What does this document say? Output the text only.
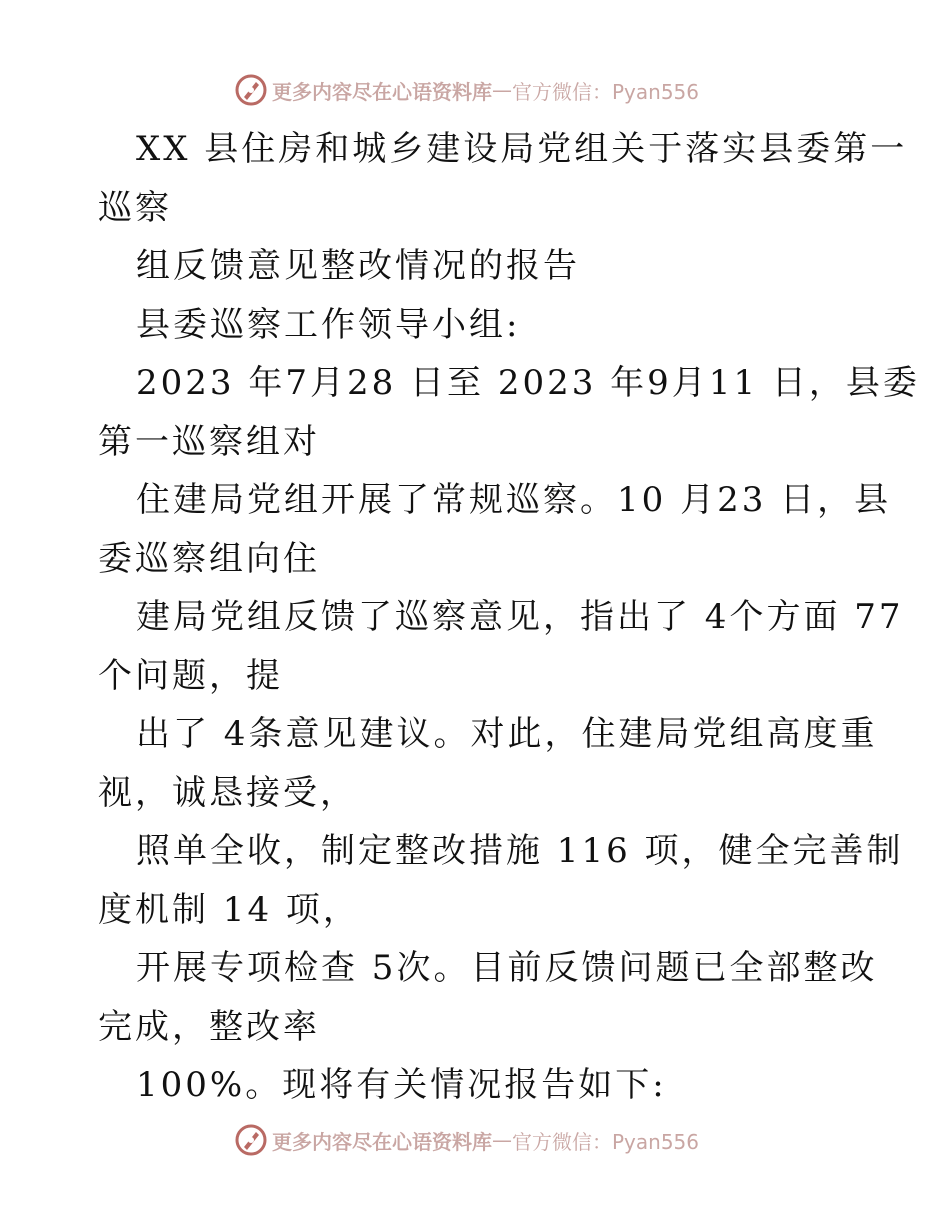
更多内容尽在心语资料库 — 官方微信：Pyan556
XX 县住房和城乡建设局党组关于落实县委第一
巡察
组反馈意见整改情况的报告
县委巡察工作领导小组:
2023 年7月28 日至 2023 年9月11 日，县委
第一巡察组对
住建局党组开展了常规巡察。10 月23 日，县
委巡察组向住
建局党组反馈了巡察意见，指出了 4个方面 77
个问题，提
出了 4条意见建议。对此，住建局党组高度重
视，诚恳接受，
照单全收，制定整改措施 116 项，健全完善制
度机制 14 项，
开展专项检查 5次。目前反馈问题已全部整改
完成，整改率
100%。现将有关情况报告如下:
更多内容尽在心语资料库 — 官方微信：Pyan556
